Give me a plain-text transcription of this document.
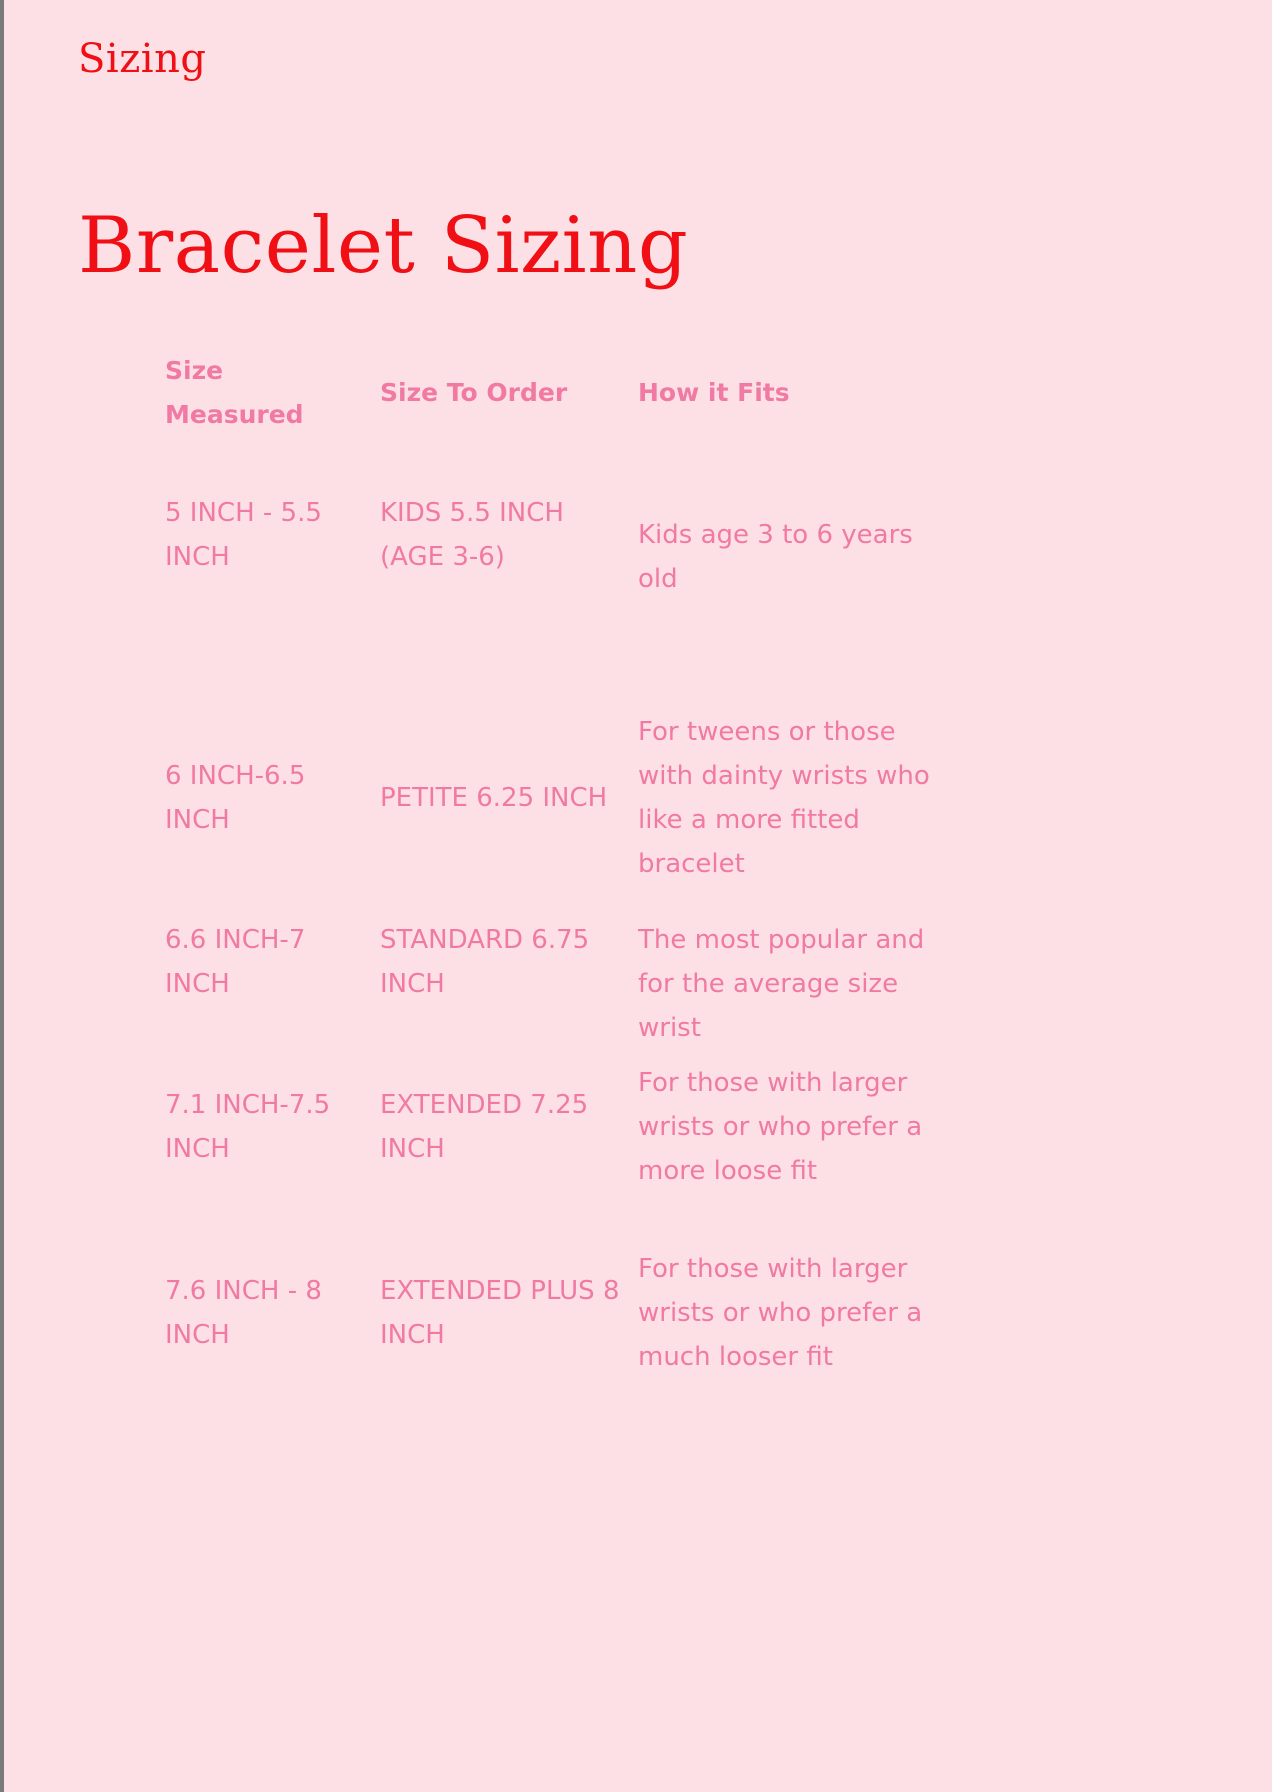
Sizing
Bracelet Sizing
Size Measured
Size To Order	How it Fits
5 INCH - 5.5 INCH
KIDS 5.5 INCH (AGE 3-6)
Kids age 3 to 6 years old
6 INCH-6.5 INCH
PETITE 6.25 INCH
For tweens or those with dainty wrists who like a more fitted bracelet
6.6 INCH-7 INCH
STANDARD 6.75 INCH
The most popular and for the average size wrist
7.1 INCH-7.5 INCH
EXTENDED 7.25 INCH
For those with larger wrists or who prefer a more loose fit
7.6 INCH - 8 INCH
EXTENDED PLUS 8 INCH
For those with larger wrists or who prefer a much looser fit
